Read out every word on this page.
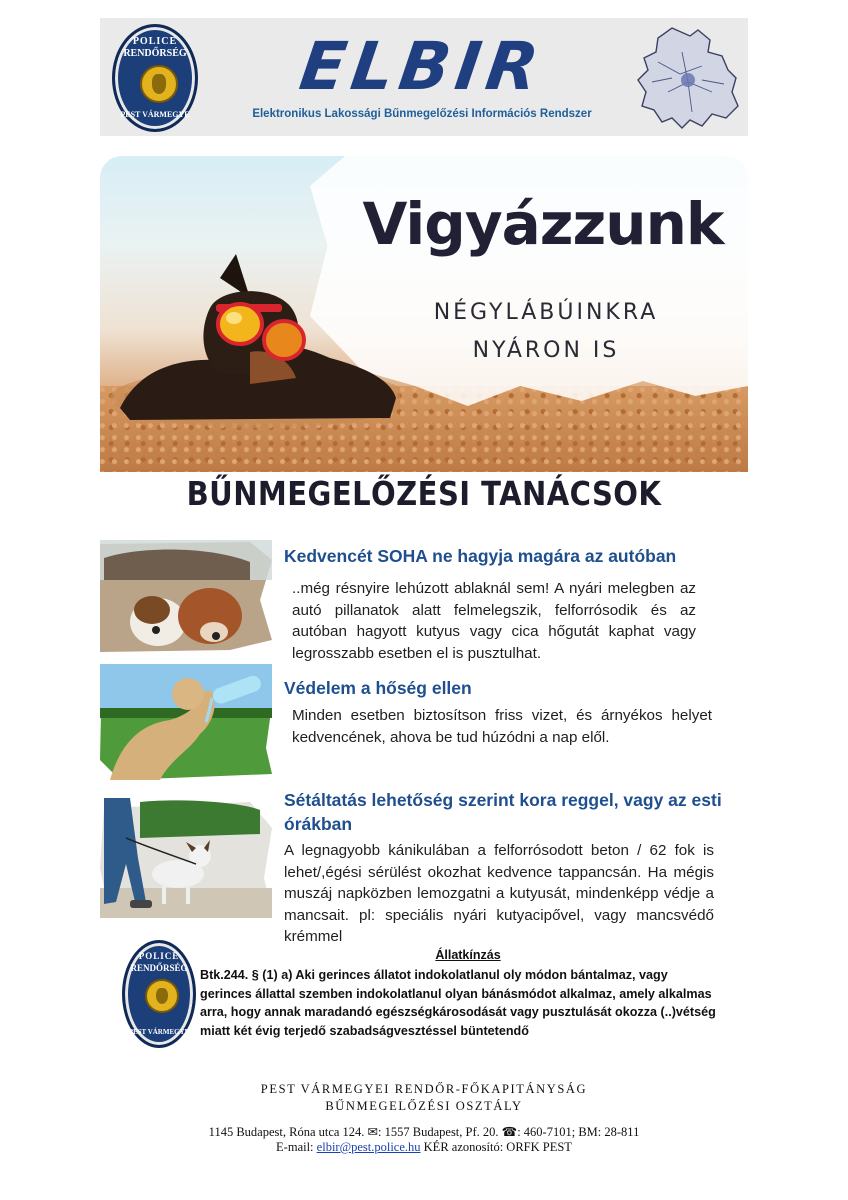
POLICE
RENDŐRSÉG
PEST VÁRMEGYE
ELBIR
Elektronikus Lakossági Bűnmegelőzési Információs Rendszer
Vigyázzunk
NÉGYLÁBÚINKRA
NYÁRON IS
BŰNMEGELŐZÉSI TANÁCSOK
Kedvencét SOHA ne hagyja magára az autóban
..még résnyire lehúzott ablaknál sem! A nyári melegben az autó pillanatok alatt felmelegszik, felforrósodik és az autóban hagyott kutyus vagy cica hőgutát kaphat vagy legrosszabb esetben el is pusztulhat.
Védelem a hőség ellen
Minden esetben biztosítson friss vizet, és árnyékos helyet kedvencének, ahova be tud húzódni a nap elől.
Sétáltatás lehetőség szerint kora reggel, vagy az esti órákban
A legnagyobb kánikulában a felforrósodott beton / 62 fok is lehet/,égési sérülést okozhat kedvence tappancsán. Ha mégis muszáj napközben lemozgatni a kutyusát, mindenképp védje a mancsait. pl: speciális nyári kutyacipővel, vagy mancsvédő krémmel
POLICE
RENDŐRSÉG
PEST VÁRMEGYE
Állatkínzás
Btk.244. § (1) a) Aki gerinces állatot indokolatlanul oly módon bántalmaz, vagy gerinces állattal szemben indokolatlanul olyan bánásmódot alkalmaz, amely alkalmas arra, hogy annak maradandó egészségkárosodását vagy pusztulását okozza (..)vétség miatt két évig terjedő szabadságvesztéssel büntetendő
PEST VÁRMEGYEI RENDŐR-FŐKAPITÁNYSÁG
BŰNMEGELŐZÉSI OSZTÁLY
1145 Budapest, Róna utca 124. ✉: 1557 Budapest, Pf. 20. ☎: 460-7101; BM: 28-811
E-mail: elbir@pest.police.hu KÉR azonosító: ORFK PEST
